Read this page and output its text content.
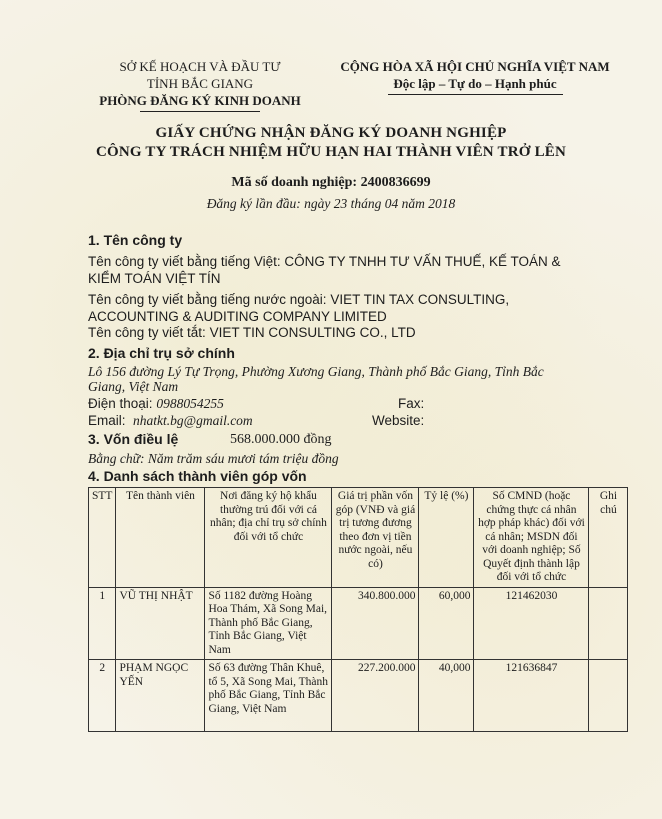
SỞ KẾ HOẠCH VÀ ĐẦU TƯ
TỈNH BẮC GIANG
PHÒNG ĐĂNG KÝ KINH DOANH
CỘNG HÒA XÃ HỘI CHỦ NGHĨA VIỆT NAM
Độc lập – Tự do – Hạnh phúc
GIẤY CHỨNG NHẬN ĐĂNG KÝ DOANH NGHIỆP
CÔNG TY TRÁCH NHIỆM HỮU HẠN HAI THÀNH VIÊN TRỞ LÊN
Mã số doanh nghiệp: 2400836699
Đăng ký lần đầu: ngày 23 tháng 04 năm 2018
1. Tên công ty
Tên công ty viết bằng tiếng Việt: CÔNG TY TNHH TƯ VẤN THUẾ, KẾ TOÁN &
KIỂM TOÁN VIỆT TÍN
Tên công ty viết bằng tiếng nước ngoài: VIET TIN TAX CONSULTING,
ACCOUNTING & AUDITING COMPANY LIMITED
Tên công ty viết tắt: VIET TIN CONSULTING CO., LTD
2. Địa chỉ trụ sở chính
Lô 156 đường Lý Tự Trọng, Phường Xương Giang, Thành phố Bắc Giang, Tỉnh Bắc
Giang, Việt Nam
Điện thoại: 0988054255	Fax:
Email: nhatkt.bg@gmail.com	Website:
3. Vốn điều lệ	568.000.000 đồng
Bằng chữ: Năm trăm sáu mươi tám triệu đồng
4. Danh sách thành viên góp vốn
STT	Tên thành viên	Nơi đăng ký hộ khẩu thường trú đối với cá nhân; địa chỉ trụ sở chính đối với tổ chức	Giá trị phần vốn góp (VNĐ và giá trị tương đương theo đơn vị tiền nước ngoài, nếu có)	Tỷ lệ (%)	Số CMND (hoặc chứng thực cá nhân hợp pháp khác) đối với cá nhân; MSDN đối với doanh nghiệp; Số Quyết định thành lập đối với tổ chức	Ghi chú
1	VŨ THỊ NHẬT	Số 1182 đường Hoàng Hoa Thám, Xã Song Mai, Thành phố Bắc Giang, Tỉnh Bắc Giang, Việt Nam	340.800.000	60,000	121462030	
2	PHẠM NGỌC YẾN	Số 63 đường Thân Khuê, tổ 5, Xã Song Mai, Thành phố Bắc Giang, Tỉnh Bắc Giang, Việt Nam	227.200.000	40,000	121636847	
